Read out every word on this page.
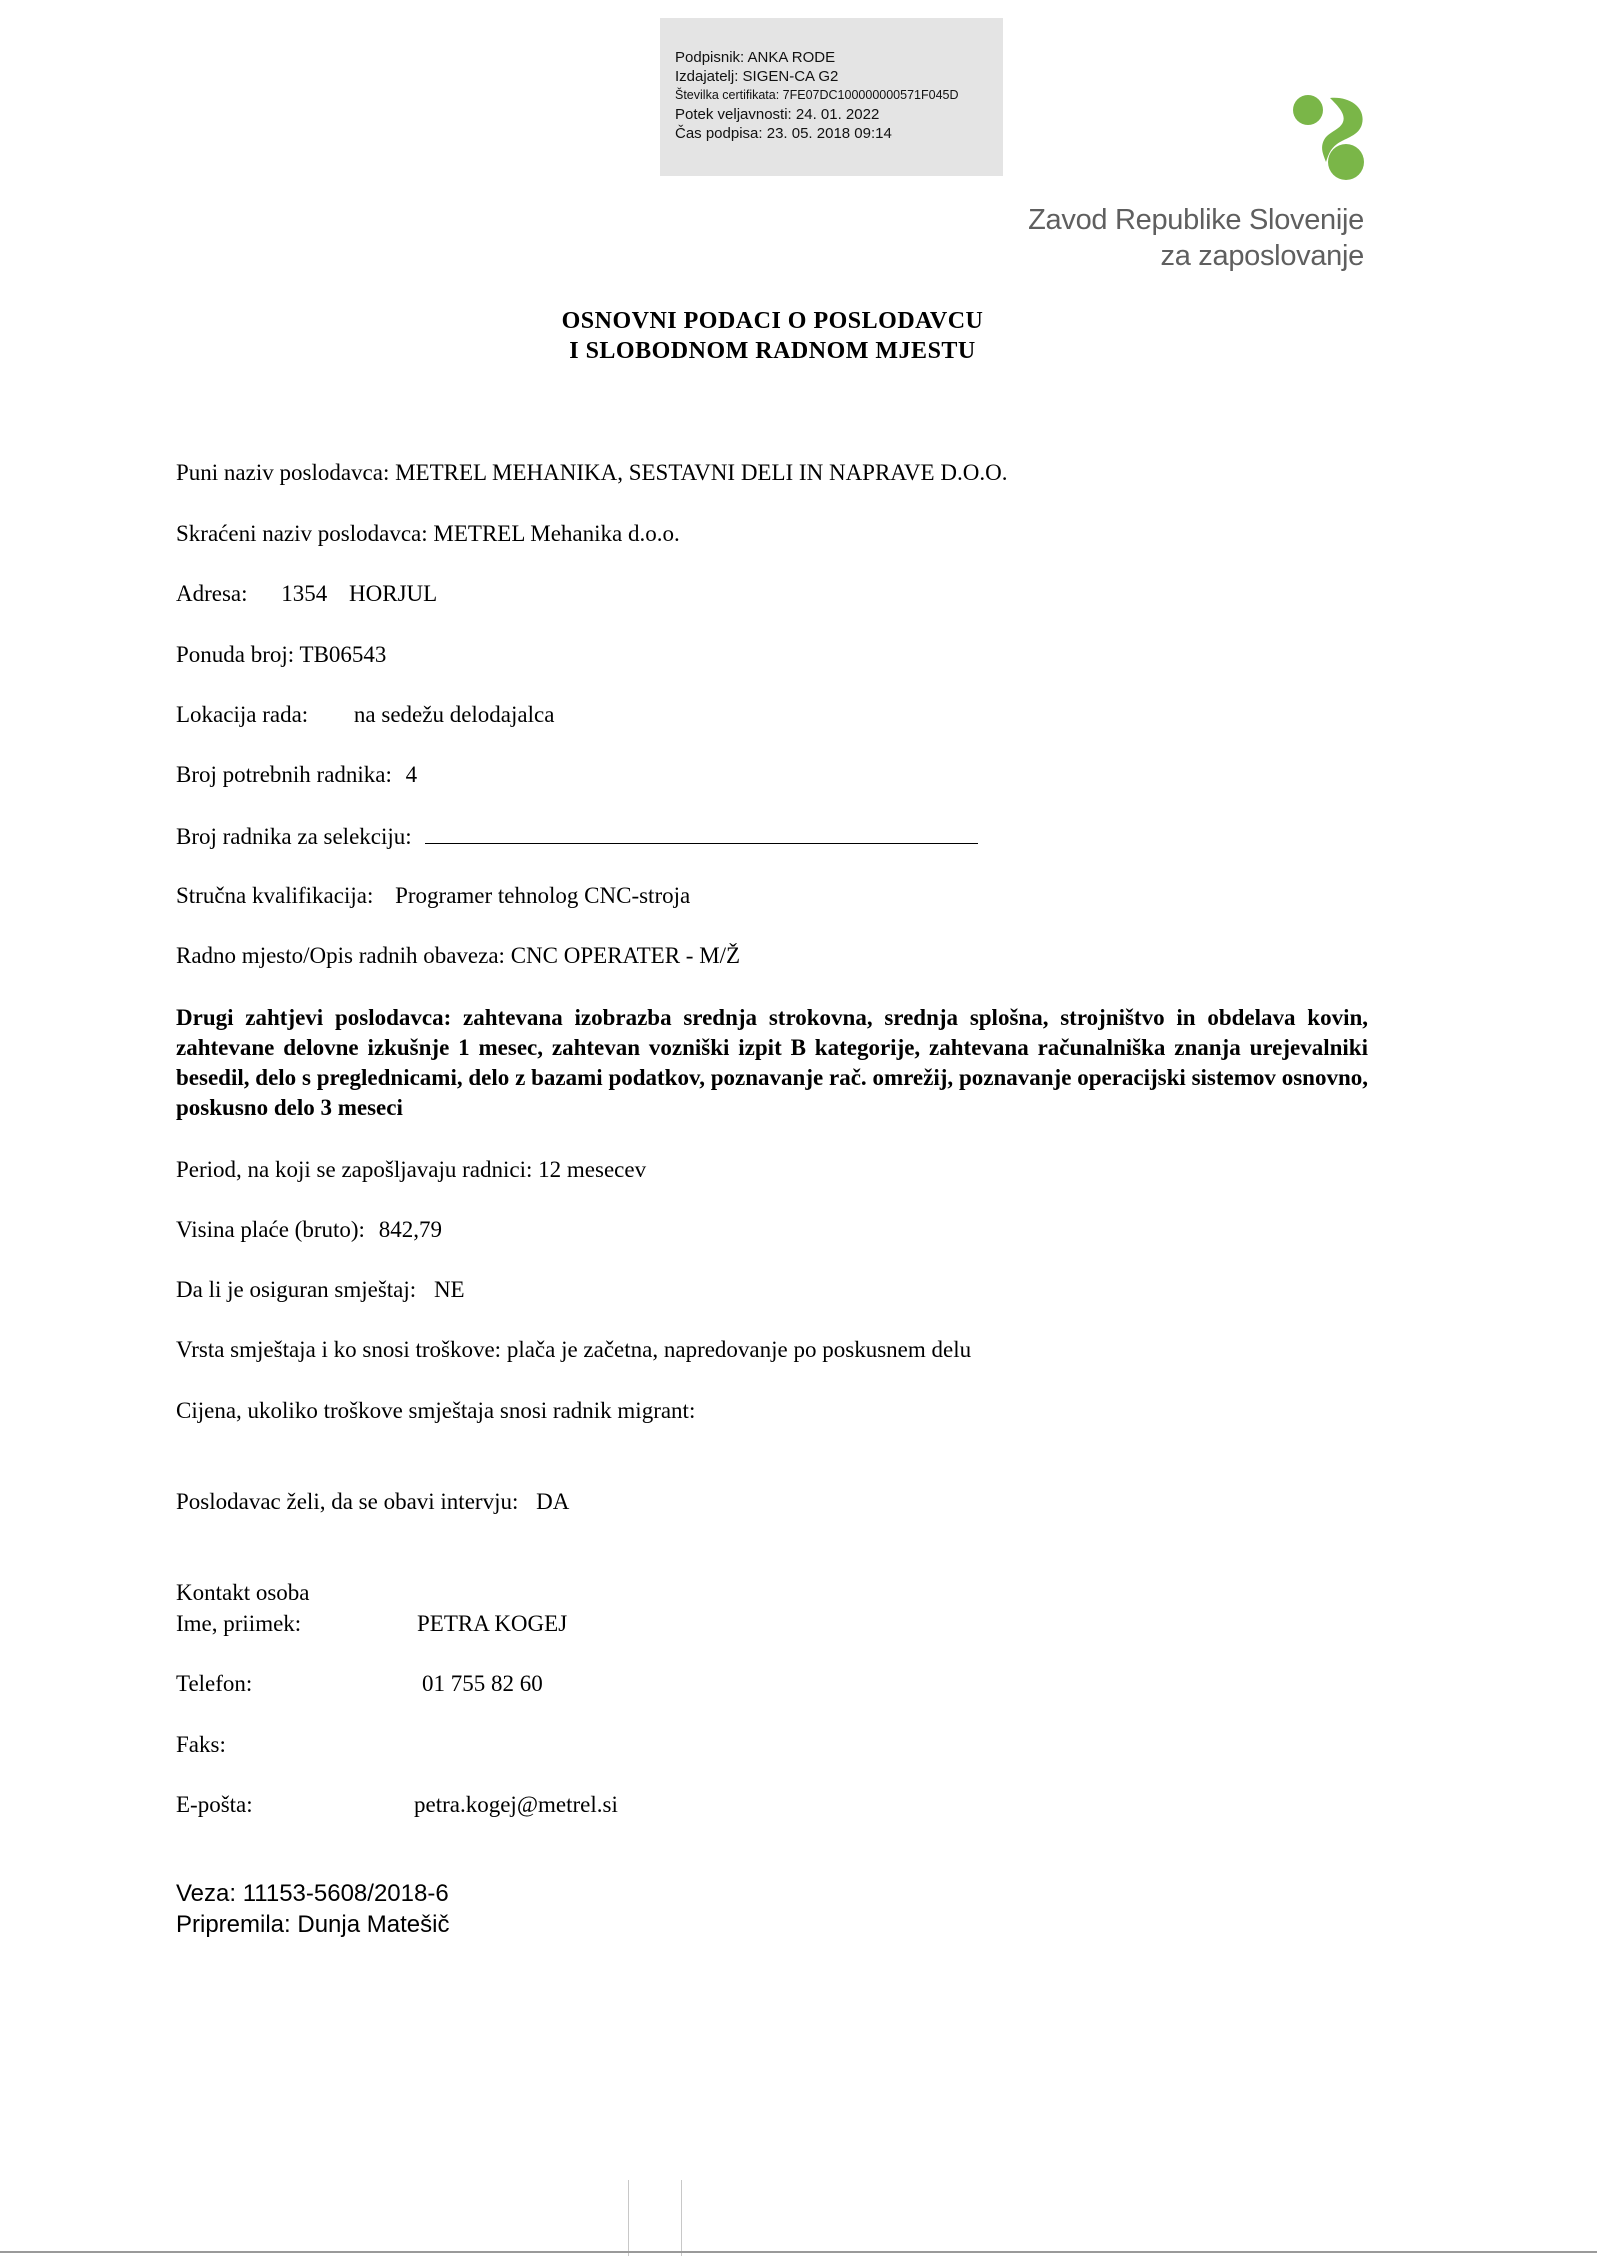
Podpisnik: ANKA RODE
Izdajatelj: SIGEN-CA G2
Številka certifikata: 7FE07DC100000000571F045D
Potek veljavnosti: 24. 01. 2022
Čas podpisa: 23. 05. 2018 09:14
Zavod Republike Slovenije
za zaposlovanje
OSNOVNI PODACI O POSLODAVCU
I SLOBODNOM RADNOM MJESTU
Puni naziv poslodavca: METREL MEHANIKA, SESTAVNI DELI IN NAPRAVE D.O.O.
Skraćeni naziv poslodavca: METREL Mehanika d.o.o.
Adresa: 1354 HORJUL
Ponuda broj: TB06543
Lokacija rada: na sedežu delodajalca
Broj potrebnih radnika: 4
Broj radnika za selekciju:
Stručna kvalifikacija: Programer tehnolog CNC-stroja
Radno mjesto/Opis radnih obaveza: CNC OPERATER - M/Ž
Drugi zahtjevi poslodavca: zahtevana izobrazba srednja strokovna, srednja splošna, strojništvo in obdelava kovin, zahtevane delovne izkušnje 1 mesec, zahtevan vozniški izpit B kategorije, zahtevana računalniška znanja urejevalniki besedil, delo s preglednicami, delo z bazami podatkov, poznavanje rač. omrežij, poznavanje operacijski sistemov osnovno, poskusno delo 3 meseci
Period, na koji se zapošljavaju radnici: 12 mesecev
Visina plaće (bruto): 842,79
Da li je osiguran smještaj: NE
Vrsta smještaja i ko snosi troškove: plača je začetna, napredovanje po poskusnem delu
Cijena, ukoliko troškove smještaja snosi radnik migrant:
Poslodavac želi, da se obavi intervju: DA
Kontakt osoba
Ime, priimek:	PETRA KOGEJ
Telefon:	01 755 82 60
Faks:
E-pošta:	petra.kogej@metrel.si
Veza: 11153-5608/2018-6
Pripremila: Dunja Matešič
